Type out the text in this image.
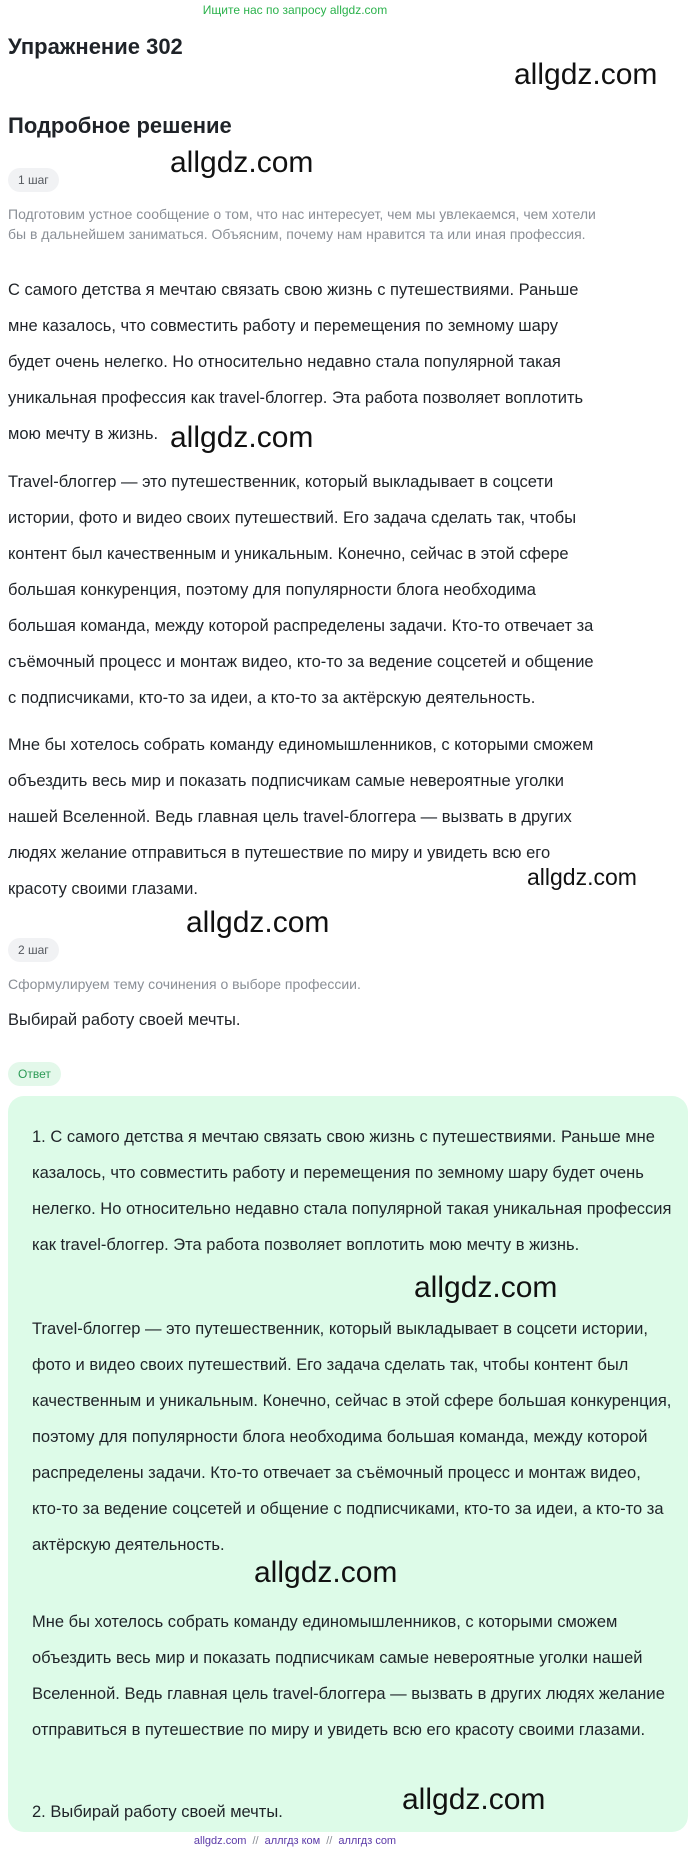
Ищите нас по запросу allgdz.com
Упражнение 302
allgdz.com
Подробное решение
1 шаг
allgdz.com
Подготовим устное сообщение о том, что нас интересует, чем мы увлекаемся, чем хотели бы в дальнейшем заниматься. Объясним, почему нам нравится та или иная профессия.
С самого детства я мечтаю связать свою жизнь с путешествиями. Раньше мне казалось, что совместить работу и перемещения по земному шару будет очень нелегко. Но относительно недавно стала популярной такая уникальная профессия как travel-блоггер. Эта работа позволяет воплотить мою мечту в жизнь. allgdz.com
Travel-блоггер — это путешественник, который выкладывает в соцсети истории, фото и видео своих путешествий. Его задача сделать так, чтобы контент был качественным и уникальным. Конечно, сейчас в этой сфере большая конкуренция, поэтому для популярности блога необходима большая команда, между которой распределены задачи. Кто-то отвечает за съёмочный процесс и монтаж видео, кто-то за ведение соцсетей и общение с подписчиками, кто-то за идеи, а кто-то за актёрскую деятельность.
Мне бы хотелось собрать команду единомышленников, с которыми сможем объездить весь мир и показать подписчикам самые невероятные уголки нашей Вселенной. Ведь главная цель travel-блоггера — вызвать в других людях желание отправиться в путешествие по миру и увидеть всю его красоту своими глазами.	allgdz.com
allgdz.com
2 шаг
Сформулируем тему сочинения о выборе профессии.
Выбирай работу своей мечты.
Ответ
1. С самого детства я мечтаю связать свою жизнь с путешествиями. Раньше мне казалось, что совместить работу и перемещения по земному шару будет очень нелегко. Но относительно недавно стала популярной такая уникальная профессия как travel-блоггер. Эта работа позволяет воплотить мою мечту в жизнь.
allgdz.com
Travel-блоггер — это путешественник, который выкладывает в соцсети истории, фото и видео своих путешествий. Его задача сделать так, чтобы контент был качественным и уникальным. Конечно, сейчас в этой сфере большая конкуренция, поэтому для популярности блога необходима большая команда, между которой распределены задачи. Кто-то отвечает за съёмочный процесс и монтаж видео, кто-то за ведение соцсетей и общение с подписчиками, кто-то за идеи, а кто-то за актёрскую деятельность.
allgdz.com
Мне бы хотелось собрать команду единомышленников, с которыми сможем объездить весь мир и показать подписчикам самые невероятные уголки нашей Вселенной. Ведь главная цель travel-блоггера — вызвать в других людях желание отправиться в путешествие по миру и увидеть всю его красоту своими глазами.
2. Выбирай работу своей мечты.	allgdz.com
allgdz.com // аллгдз ком // аллгдз com
